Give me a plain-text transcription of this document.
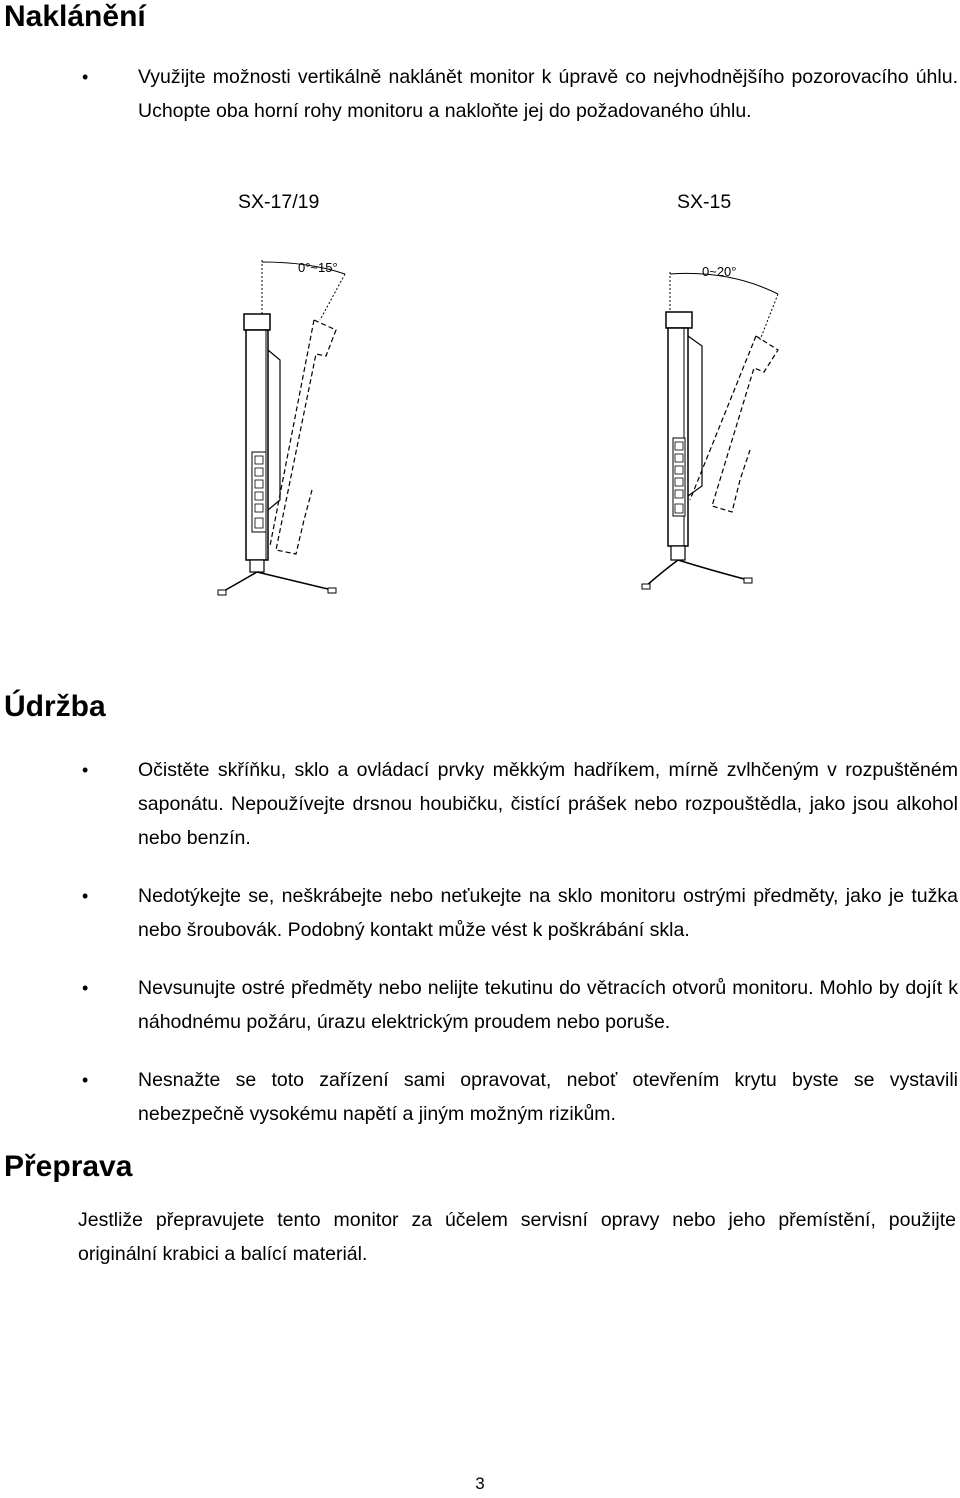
Naklánění
•	Využijte možnosti vertikálně naklánět monitor k úpravě co nejvhodnějšího pozorovacího úhlu. Uchopte oba horní rohy monitoru a nakloňte jej do požadovaného úhlu.
SX-17/19	SX-15
0°~15°	0~20°
Údržba
•	Očistěte skříňku, sklo a ovládací prvky měkkým hadříkem, mírně zvlhčeným v rozpuštěném saponátu. Nepoužívejte drsnou houbičku, čistící prášek nebo rozpouštědla, jako jsou alkohol nebo benzín.
•	Nedotýkejte se, neškrábejte nebo neťukejte na sklo monitoru ostrými předměty, jako je tužka nebo šroubovák. Podobný kontakt může vést k poškrábání skla.
•	Nevsunujte ostré předměty nebo nelijte tekutinu do větracích otvorů monitoru. Mohlo by dojít k náhodnému požáru, úrazu elektrickým proudem nebo poruše.
•	Nesnažte se toto zařízení sami opravovat, neboť otevřením krytu byste se vystavili nebezpečně vysokému napětí a jiným možným rizikům.
Přeprava
Jestliže přepravujete tento monitor za účelem servisní opravy nebo jeho přemístění, použijte originální krabici a balící materiál.
3
